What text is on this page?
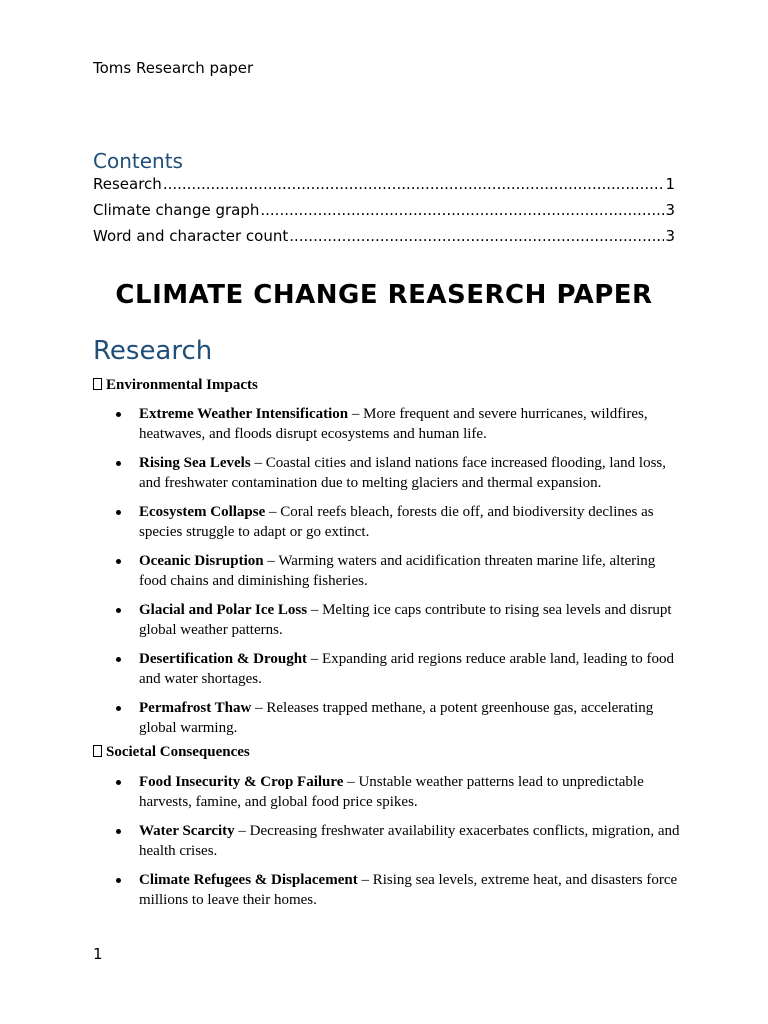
Toms Research paper
Contents
Research .....	1
Climate change graph .....	3
Word and character count .....	3
CLIMATE CHANGE REASERCH PAPER
Research
Environmental Impacts
Extreme Weather Intensification – More frequent and severe hurricanes, wildfires, heatwaves, and floods disrupt ecosystems and human life.
Rising Sea Levels – Coastal cities and island nations face increased flooding, land loss, and freshwater contamination due to melting glaciers and thermal expansion.
Ecosystem Collapse – Coral reefs bleach, forests die off, and biodiversity declines as species struggle to adapt or go extinct.
Oceanic Disruption – Warming waters and acidification threaten marine life, altering food chains and diminishing fisheries.
Glacial and Polar Ice Loss – Melting ice caps contribute to rising sea levels and disrupt global weather patterns.
Desertification & Drought – Expanding arid regions reduce arable land, leading to food and water shortages.
Permafrost Thaw – Releases trapped methane, a potent greenhouse gas, accelerating global warming.
Societal Consequences
Food Insecurity & Crop Failure – Unstable weather patterns lead to unpredictable harvests, famine, and global food price spikes.
Water Scarcity – Decreasing freshwater availability exacerbates conflicts, migration, and health crises.
Climate Refugees & Displacement – Rising sea levels, extreme heat, and disasters force millions to leave their homes.
1
